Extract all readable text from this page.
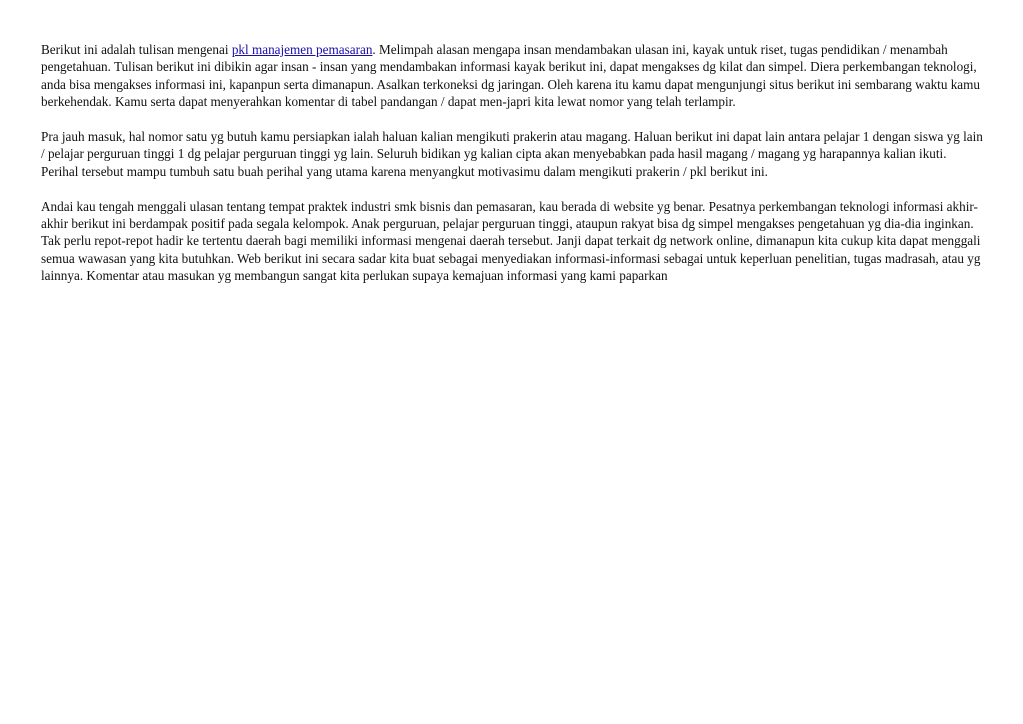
Berikut ini adalah tulisan mengenai pkl manajemen pemasaran. Melimpah alasan mengapa insan mendambakan ulasan ini, kayak untuk riset, tugas pendidikan / menambah pengetahuan. Tulisan berikut ini dibikin agar insan - insan yang mendambakan informasi kayak berikut ini, dapat mengakses dg kilat dan simpel. Diera perkembangan teknologi, anda bisa mengakses informasi ini, kapanpun serta dimanapun. Asalkan terkoneksi dg jaringan. Oleh karena itu kamu dapat mengunjungi situs berikut ini sembarang waktu kamu berkehendak. Kamu serta dapat menyerahkan komentar di tabel pandangan / dapat men-japri kita lewat nomor yang telah terlampir.

Pra jauh masuk, hal nomor satu yg butuh kamu persiapkan ialah haluan kalian mengikuti prakerin atau magang. Haluan berikut ini dapat lain antara pelajar 1 dengan siswa yg lain / pelajar perguruan tinggi 1 dg pelajar perguruan tinggi yg lain. Seluruh bidikan yg kalian cipta akan menyebabkan pada hasil magang / magang yg harapannya kalian ikuti. Perihal tersebut mampu tumbuh satu buah perihal yang utama karena menyangkut motivasimu dalam mengikuti prakerin / pkl berikut ini.

Andai kau tengah menggali ulasan tentang tempat praktek industri smk bisnis dan pemasaran, kau berada di website yg benar. Pesatnya perkembangan teknologi informasi akhir-akhir berikut ini berdampak positif pada segala kelompok. Anak perguruan, pelajar perguruan tinggi, ataupun rakyat bisa dg simpel mengakses pengetahuan yg dia-dia inginkan. Tak perlu repot-repot hadir ke tertentu daerah bagi memiliki informasi mengenai daerah tersebut. Janji dapat terkait dg network online, dimanapun kita cukup kita dapat menggali semua wawasan yang kita butuhkan. Web berikut ini secara sadar kita buat sebagai menyediakan informasi-informasi sebagai untuk keperluan penelitian, tugas madrasah, atau yg lainnya. Komentar atau masukan yg membangun sangat kita perlukan supaya kemajuan informasi yang kami paparkan
